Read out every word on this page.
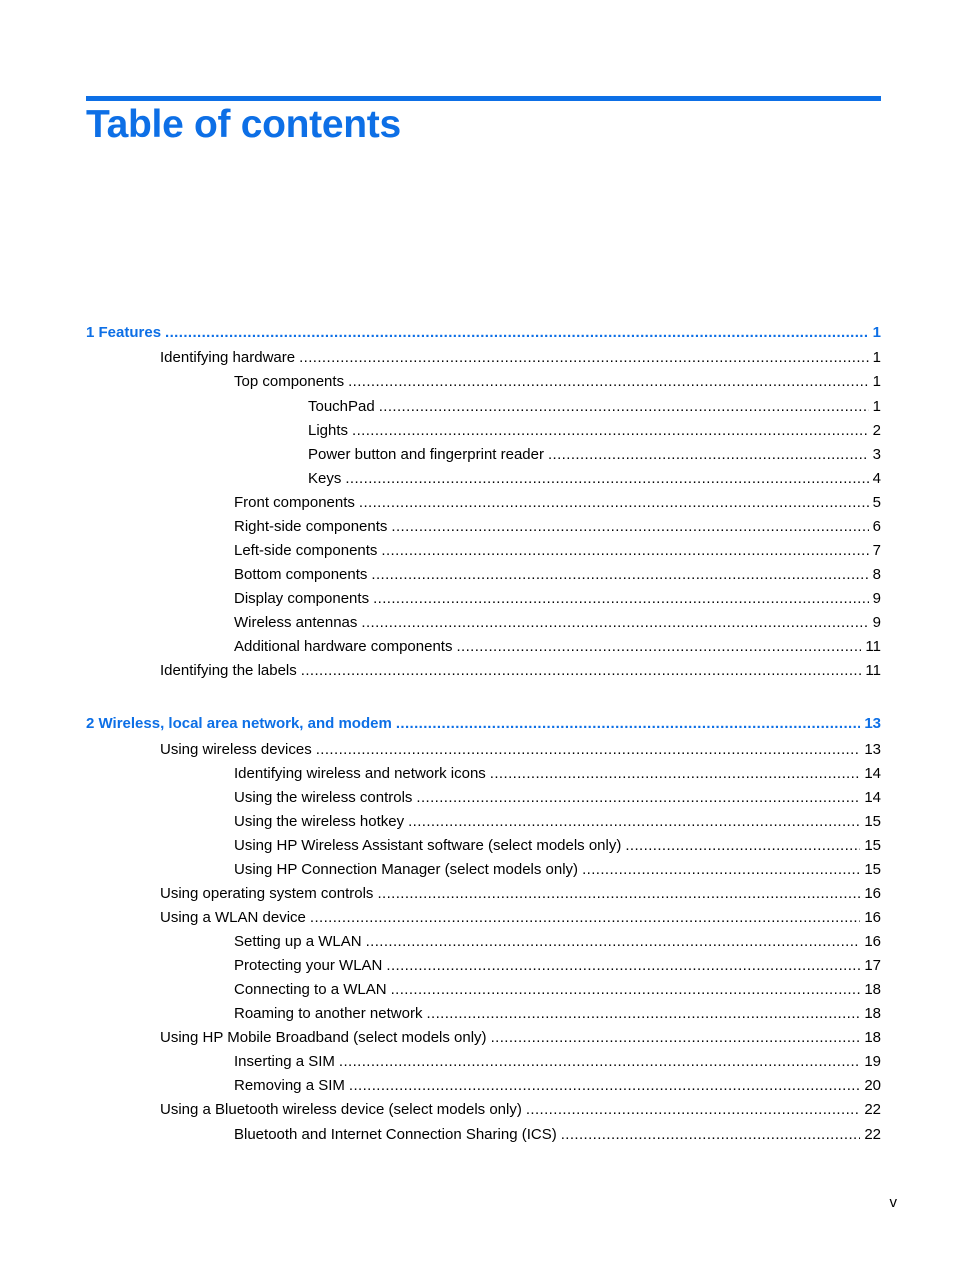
Table of contents
1 Features .....	1
Identifying hardware .....	1
Top components .....	1
TouchPad .....	1
Lights .....	2
Power button and fingerprint reader .....	3
Keys .....	4
Front components .....	5
Right-side components .....	6
Left-side components .....	7
Bottom components .....	8
Display components .....	9
Wireless antennas .....	9
Additional hardware components .....	11
Identifying the labels .....	11
2 Wireless, local area network, and modem .....	13
Using wireless devices .....	13
Identifying wireless and network icons .....	14
Using the wireless controls .....	14
Using the wireless hotkey .....	15
Using HP Wireless Assistant software (select models only) .....	15
Using HP Connection Manager (select models only) .....	15
Using operating system controls .....	16
Using a WLAN device .....	16
Setting up a WLAN .....	16
Protecting your WLAN .....	17
Connecting to a WLAN .....	18
Roaming to another network .....	18
Using HP Mobile Broadband (select models only) .....	18
Inserting a SIM .....	19
Removing a SIM .....	20
Using a Bluetooth wireless device (select models only) .....	22
Bluetooth and Internet Connection Sharing (ICS) .....	22
v
